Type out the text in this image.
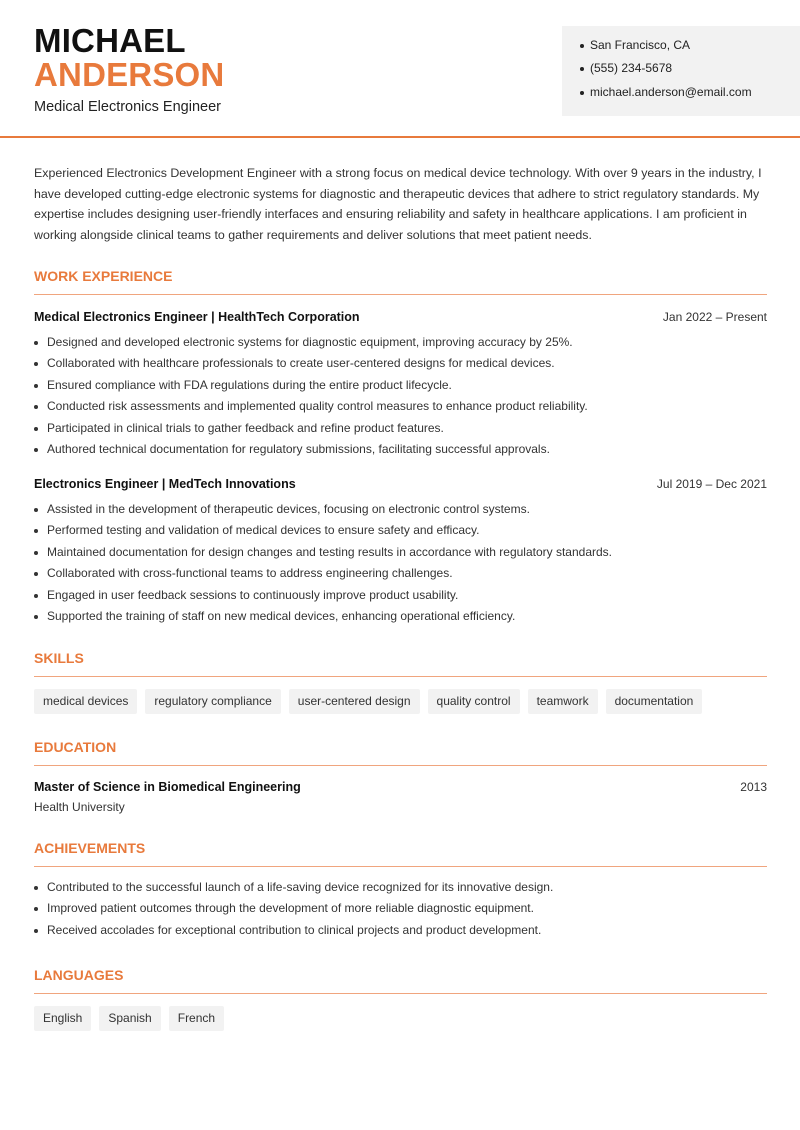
MICHAEL
ANDERSON
Medical Electronics Engineer
San Francisco, CA
(555) 234-5678
michael.anderson@email.com

Experienced Electronics Development Engineer with a strong focus on medical device technology. With over 9 years in the industry, I have developed cutting-edge electronic systems for diagnostic and therapeutic devices that adhere to strict regulatory standards. My expertise includes designing user-friendly interfaces and ensuring reliability and safety in healthcare applications. I am proficient in working alongside clinical teams to gather requirements and deliver solutions that meet patient needs.

WORK EXPERIENCE
Medical Electronics Engineer | HealthTech Corporation	Jan 2022 – Present
Designed and developed electronic systems for diagnostic equipment, improving accuracy by 25%.
Collaborated with healthcare professionals to create user-centered designs for medical devices.
Ensured compliance with FDA regulations during the entire product lifecycle.
Conducted risk assessments and implemented quality control measures to enhance product reliability.
Participated in clinical trials to gather feedback and refine product features.
Authored technical documentation for regulatory submissions, facilitating successful approvals.
Electronics Engineer | MedTech Innovations	Jul 2019 – Dec 2021
Assisted in the development of therapeutic devices, focusing on electronic control systems.
Performed testing and validation of medical devices to ensure safety and efficacy.
Maintained documentation for design changes and testing results in accordance with regulatory standards.
Collaborated with cross-functional teams to address engineering challenges.
Engaged in user feedback sessions to continuously improve product usability.
Supported the training of staff on new medical devices, enhancing operational efficiency.
SKILLS
medical devices	regulatory compliance	user-centered design	quality control	teamwork	documentation
EDUCATION
Master of Science in Biomedical Engineering	2013
Health University
ACHIEVEMENTS
Contributed to the successful launch of a life-saving device recognized for its innovative design.
Improved patient outcomes through the development of more reliable diagnostic equipment.
Received accolades for exceptional contribution to clinical projects and product development.
LANGUAGES
English	Spanish	French
